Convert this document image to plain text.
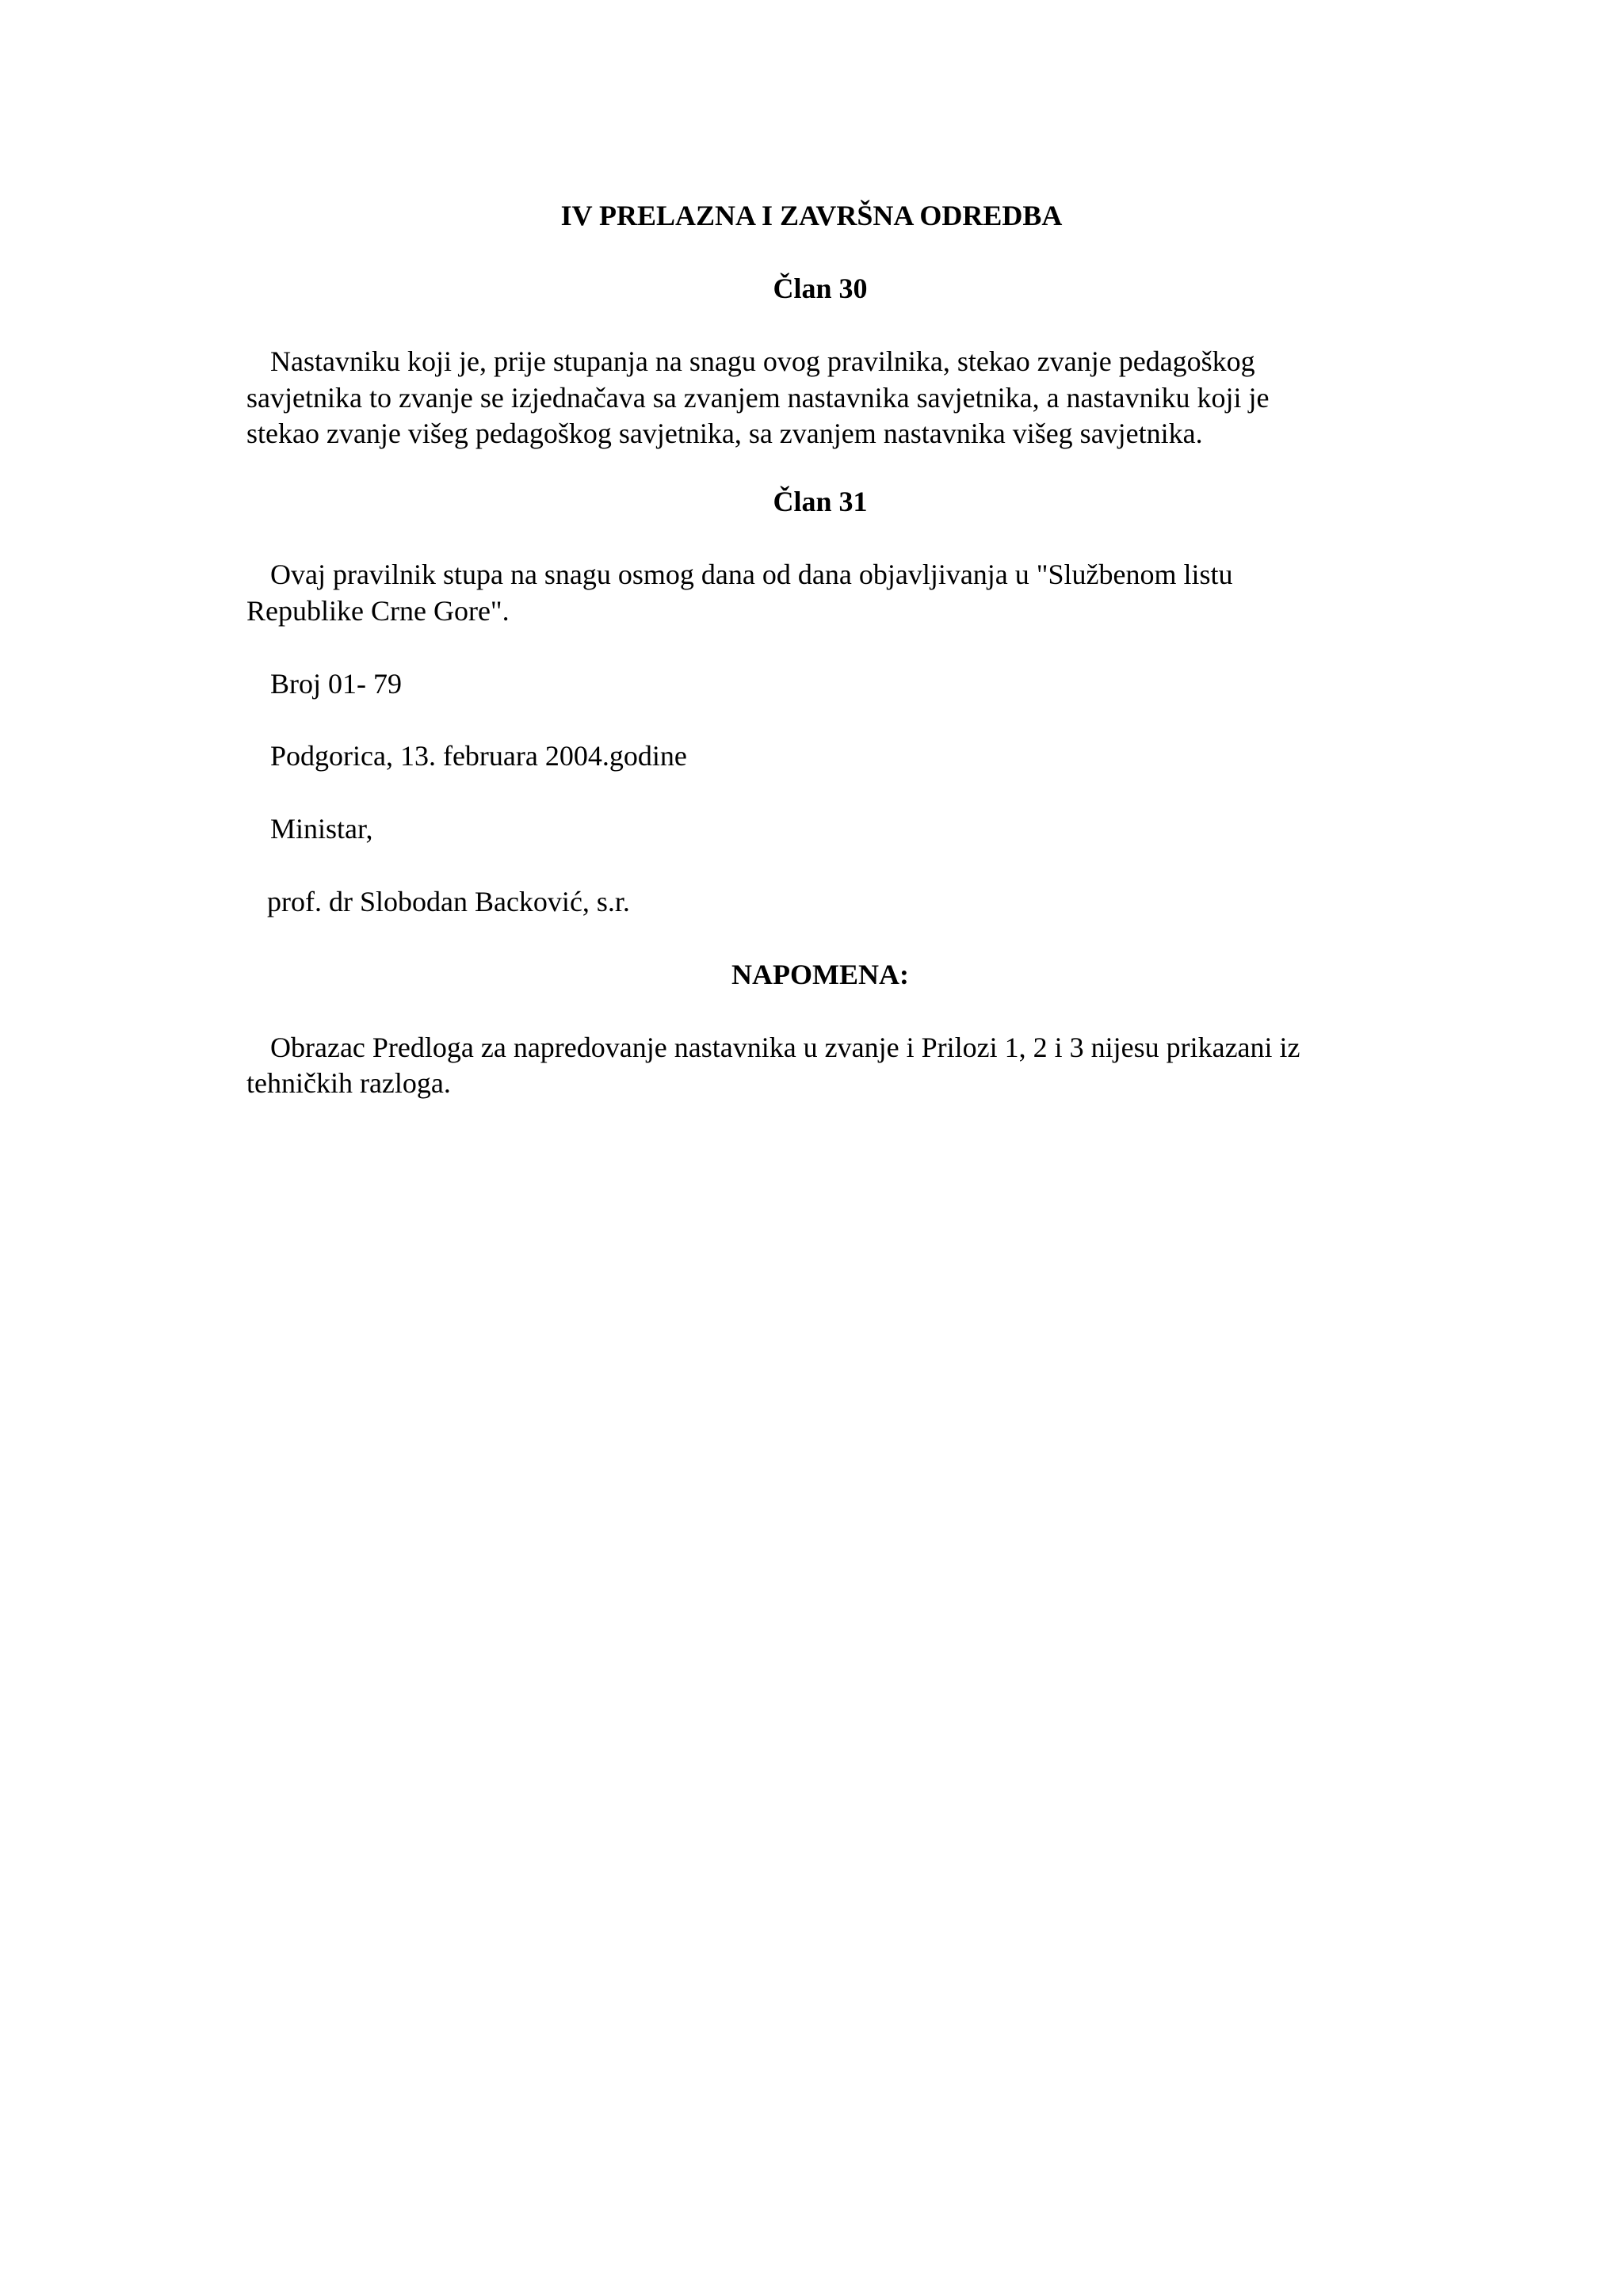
IV PRELAZNA I ZAVRŠNA ODREDBA
Član 30

Nastavniku koji je, prije stupanja na snagu ovog pravilnika, stekao zvanje pedagoškog

savjetnika to zvanje se izjednačava sa zvanjem nastavnika savjetnika, a nastavniku koji je

stekao zvanje višeg pedagoškog savjetnika, sa zvanjem nastavnika višeg savjetnika.

Član 31

Ovaj pravilnik stupa na snagu osmog dana od dana objavljivanja u "Službenom listu

Republike Crne Gore".

Broj 01- 79

Podgorica, 13. februara 2004.godine

Ministar,

prof. dr Slobodan Backović, s.r.

NAPOMENA:

Obrazac Predloga za napredovanje nastavnika u zvanje i Prilozi 1, 2 i 3 nijesu prikazani iz

tehničkih razloga.
